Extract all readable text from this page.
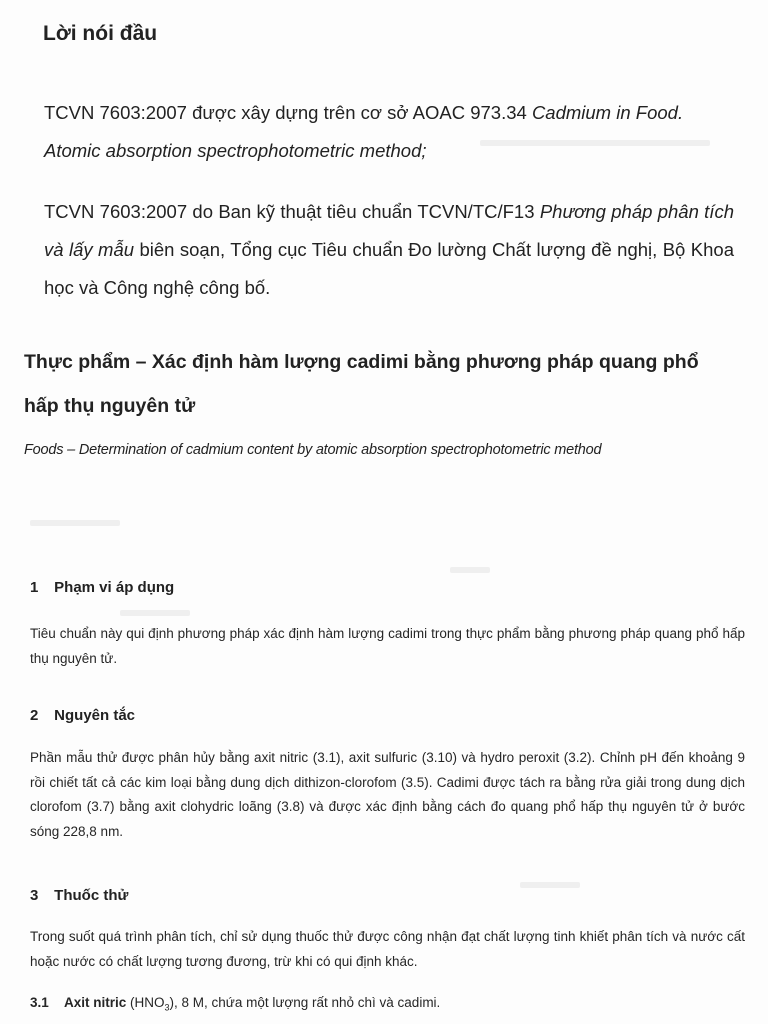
Lời nói đầu

TCVN 7603:2007 được xây dựng trên cơ sở AOAC 973.34 Cadmium in Food. Atomic absorption spectrophotometric method;

TCVN 7603:2007 do Ban kỹ thuật tiêu chuẩn TCVN/TC/F13 Phương pháp phân tích và lấy mẫu biên soạn, Tổng cục Tiêu chuẩn Đo lường Chất lượng đề nghị, Bộ Khoa học và Công nghệ công bố.

Thực phẩm – Xác định hàm lượng cadimi bằng phương pháp quang phổ hấp thụ nguyên tử

Foods – Determination of cadmium content by atomic absorption spectrophotometric method

1 Phạm vi áp dụng

Tiêu chuẩn này qui định phương pháp xác định hàm lượng cadimi trong thực phẩm bằng phương pháp quang phổ hấp thụ nguyên tử.

2 Nguyên tắc

Phần mẫu thử được phân hủy bằng axit nitric (3.1), axit sulfuric (3.10) và hydro peroxit (3.2). Chỉnh pH đến khoảng 9 rồi chiết tất cả các kim loại bằng dung dịch dithizon-clorofom (3.5). Cadimi được tách ra bằng rửa giải trong dung dịch clorofom (3.7) bằng axit clohydric loãng (3.8) và được xác định bằng cách đo quang phổ hấp thụ nguyên tử ở bước sóng 228,8 nm.

3 Thuốc thử

Trong suốt quá trình phân tích, chỉ sử dụng thuốc thử được công nhận đạt chất lượng tinh khiết phân tích và nước cất hoặc nước có chất lượng tương đương, trừ khi có qui định khác.

3.1 Axit nitric $(HNO_3)$, 8 M, chứa một lượng rất nhỏ chì và cadimi.
